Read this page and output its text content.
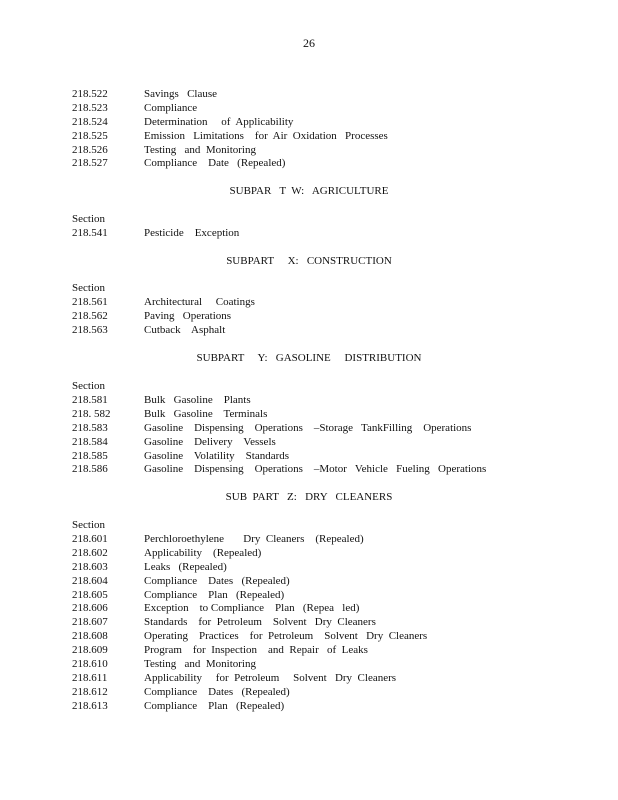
26
218.522	Savings   Clause
218.523	Compliance
218.524	Determination     of  Applicability
218.525	Emission   Limitations    for  Air  Oxidation   Processes
218.526	Testing   and  Monitoring
218.527	Compliance    Date   (Repealed)
SUBPAR   T  W:   AGRICULTURE
Section
218.541	Pesticide    Exception
SUBPART     X:   CONSTRUCTION
Section
218.561	Architectural     Coatings
218.562	Paving   Operations
218.563	Cutback    Asphalt
SUBPART     Y:   GASOLINE     DISTRIBUTION
Section
218.581	Bulk   Gasoline    Plants
218. 582	Bulk   Gasoline    Terminals
218.583	Gasoline    Dispensing    Operations    –Storage   TankFilling    Operations
218.584	Gasoline    Delivery    Vessels
218.585	Gasoline    Volatility    Standards
218.586	Gasoline    Dispensing    Operations    –Motor   Vehicle   Fueling   Operations
SUB  PART   Z:   DRY   CLEANERS
Section
218.601	Perchloroethylene       Dry  Cleaners    (Repealed)
218.602	Applicability    (Repealed)
218.603	Leaks   (Repealed)
218.604	Compliance    Dates   (Repealed)
218.605	Compliance    Plan   (Repealed)
218.606	Exception    to Compliance    Plan   (Repea   led)
218.607	Standards    for  Petroleum    Solvent   Dry  Cleaners
218.608	Operating    Practices    for  Petroleum    Solvent   Dry  Cleaners
218.609	Program    for  Inspection    and  Repair   of  Leaks
218.610	Testing   and  Monitoring
218.611	Applicability     for  Petroleum     Solvent   Dry  Cleaners
218.612	Compliance    Dates   (Repealed)
218.613	Compliance    Plan   (Repealed)
